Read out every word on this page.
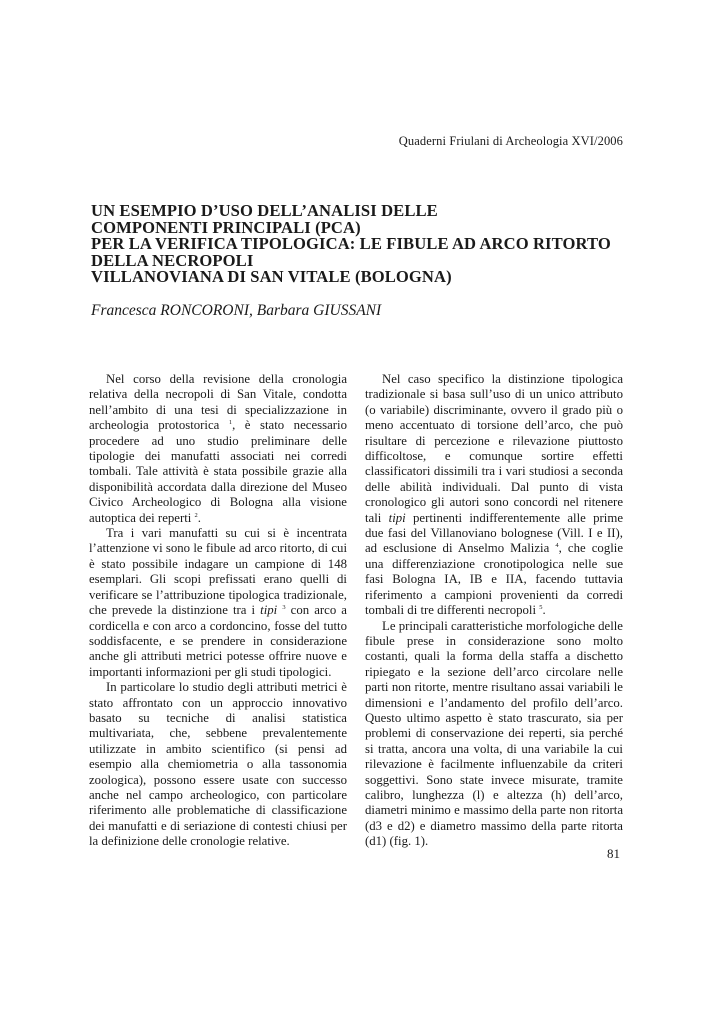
Quaderni Friulani di Archeologia XVI/2006
UN ESEMPIO D’USO DELL’ANALISI DELLE
COMPONENTI PRINCIPALI (PCA)
PER LA VERIFICA TIPOLOGICA: LE FIBULE AD ARCO RITORTO
DELLA NECROPOLI
VILLANOVIANA DI SAN VITALE (BOLOGNA)
Francesca RONCORONI, Barbara GIUSSANI

Nel corso della revisione della cronologia relativa della necropoli di San Vitale, condotta nell’ambito di una tesi di specializzazione in archeologia protostorica $^1$, è stato necessario procedere ad uno studio preliminare delle tipologie dei manufatti associati nei corredi tombali. Tale attività è stata possibile grazie alla disponibilità accordata dalla direzione del Museo Civico Archeologico di Bologna alla visione autoptica dei reperti $^2$.

Tra i vari manufatti su cui si è incentrata l’attenzione vi sono le fibule ad arco ritorto, di cui è stato possibile indagare un campione di 148 esemplari. Gli scopi prefissati erano quelli di verificare se l’attribuzione tipologica tradizionale, che prevede la distinzione tra i tipi $^3$ con arco a cordicella e con arco a cordoncino, fosse del tutto soddisfacente, e se prendere in considerazione anche gli attributi metrici potesse offrire nuove e importanti informazioni per gli studi tipologici.

In particolare lo studio degli attributi metrici è stato affrontato con un approccio innovativo basato su tecniche di analisi statistica multivariata, che, sebbene prevalentemente utilizzate in ambito scientifico (si pensi ad esempio alla chemiometria o alla tassonomia zoologica), possono essere usate con successo anche nel campo archeologico, con particolare riferimento alle problematiche di classificazione dei manufatti e di seriazione di contesti chiusi per la definizione delle cronologie relative.

Nel caso specifico la distinzione tipologica tradizionale si basa sull’uso di un unico attributo (o variabile) discriminante, ovvero il grado più o meno accentuato di torsione dell’arco, che può risultare di percezione e rilevazione piuttosto difficoltose, e comunque sortire effetti classificatori dissimili tra i vari studiosi a seconda delle abilità individuali. Dal punto di vista cronologico gli autori sono concordi nel ritenere tali tipi pertinenti indifferentemente alle prime due fasi del Villanoviano bolognese (Vill. I e II), ad esclusione di Anselmo Malizia $^4$, che coglie una differenziazione cronotipologica nelle sue fasi Bologna IA, IB e IIA, facendo tuttavia riferimento a campioni provenienti da corredi tombali di tre differenti necropoli $^5$.

Le principali caratteristiche morfologiche delle fibule prese in considerazione sono molto costanti, quali la forma della staffa a dischetto ripiegato e la sezione dell’arco circolare nelle parti non ritorte, mentre risultano assai variabili le dimensioni e l’andamento del profilo dell’arco. Questo ultimo aspetto è stato trascurato, sia per problemi di conservazione dei reperti, sia perché si tratta, ancora una volta, di una variabile la cui rilevazione è facilmente influenzabile da criteri soggettivi. Sono state invece misurate, tramite calibro, lunghezza (l) e altezza (h) dell’arco, diametri minimo e massimo della parte non ritorta (d3 e d2) e diametro massimo della parte ritorta (d1) (fig. 1).

81
